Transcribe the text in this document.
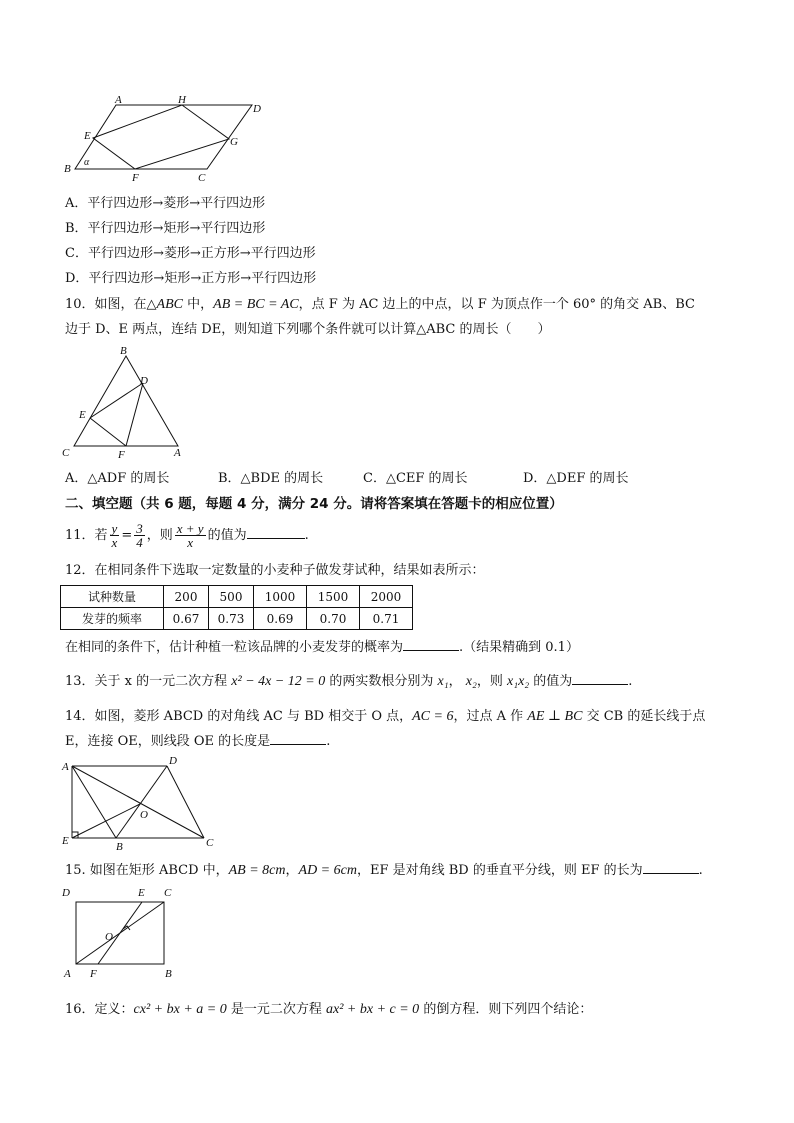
A	H
D
E	G
B
α
F	C
A．平行四边形→菱形→平行四边形
B．平行四边形→矩形→平行四边形
C．平行四边形→菱形→正方形→平行四边形
D．平行四边形→矩形→正方形→平行四边形
10．如图，在△ABC 中，AB = BC = AC，点 F 为 AC 边上的中点，以 F 为顶点作一个 60° 的角交 AB、BC
边于 D、E 两点，连结 DE，则知道下列哪个条件就可以计算△ABC 的周长（　　）
B
D
E
C	F	A
A．△ADF 的周长	B．△BDE 的周长	C．△CEF 的周长	D．△DEF 的周长
二、填空题（共 6 题，每题 4 分，满分 24 分。请将答案填在答题卡的相应位置）
11．若 $\frac{y}{x} = \frac{3}{4}$ ，则 $\frac{x + y}{x}$ 的值为	.
12．在相同条件下选取一定数量的小麦种子做发芽试种，结果如表所示：
试种数量	200	500	1000	1500	2000
发芽的频率	0.67	0.73	0.69	0.70	0.71
在相同的条件下，估计种植一粒该品牌的小麦发芽的概率为	.（结果精确到 0.1）
13．关于 x 的一元二次方程 x² − 4x − 12 = 0 的两实数根分别为 x₁， x₂，则 x₁x₂ 的值为	.
14．如图，菱形 ABCD 的对角线 AC 与 BD 相交于 O 点，AC = 6，过点 A 作 AE ⊥ BC 交 CB 的延长线于点
E，连接 OE，则线段 OE 的长度是	.
A	D
O
E	B	C
15. 如图在矩形 ABCD 中，AB = 8cm，AD = 6cm，EF 是对角线 BD 的垂直平分线，则 EF 的长为	.
D	E C
O
A F	B
16．定义：cx² + bx + a = 0 是一元二次方程 ax² + bx + c = 0 的倒方程．则下列四个结论：
